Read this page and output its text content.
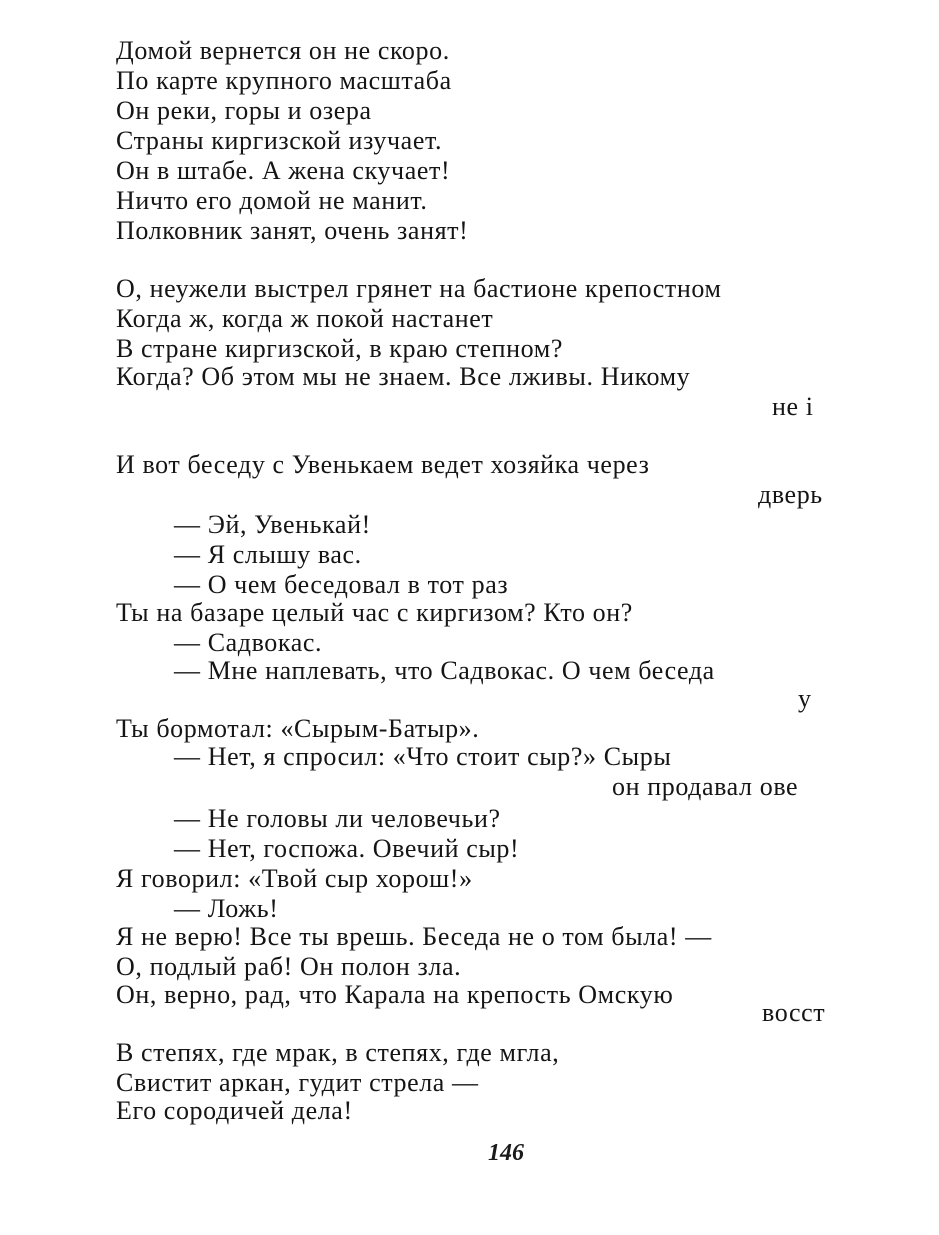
Домой вернется он не скоро.
По карте крупного масштаба
Он реки, горы и озера
Страны киргизской изучает.
Он в штабе. А жена скучает!
Ничто его домой не манит.
Полковник занят, очень занят!
О, неужели выстрел грянет на бастионе крепостном
Когда ж, когда ж покой настанет
В стране киргизской, в краю степном?
Когда? Об этом мы не знаем. Все лживы. Никому
не і
И вот беседу с Увенькаем ведет хозяйка через
дверь
— Эй, Увенькай!
— Я слышу вас.
— О чем беседовал в тот раз
Ты на базаре целый час с киргизом? Кто он?
— Садвокас.
— Мне наплевать, что Садвокас. О чем беседа
у
Ты бормотал: «Сырым-Батыр».
— Нет, я спросил: «Что стоит сыр?» Сыры
он продавал ове
— Не головы ли человечьи?
— Нет, госпожа. Овечий сыр!
Я говорил: «Твой сыр хорош!»
— Ложь!
Я не верю! Все ты врешь. Беседа не о том была! —
О, подлый раб! Он полон зла.
Он, верно, рад, что Карала на крепость Омскую
восст
В степях, где мрак, в степях, где мгла,
Свистит аркан, гудит стрела —
Его сородичей дела!
146
